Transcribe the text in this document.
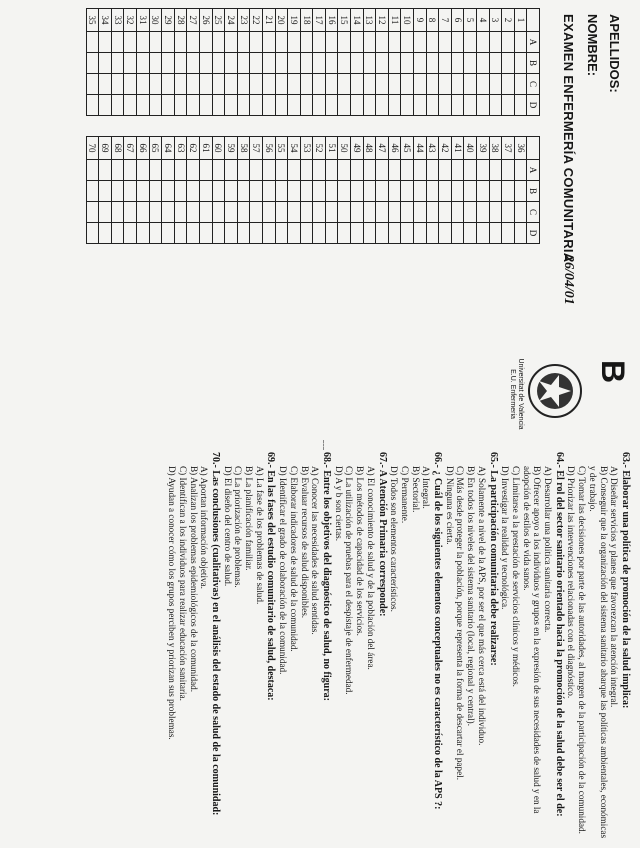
APELLIDOS:
NOMBRE:
EXAMEN ENFERMERÍA COMUNITARIA
26/04/01
B
Universitat de Valencia
E.U. Enfermeria
	A	B	C	D			A	B	C	D
1						36				
2						37				
3						38				
4						39				
5						40				
6						41				
7						42				
8						43				
9						44				
10						45				
11						46				
12						47				
13						48				
14						49				
15						50				
16						51				
17						52				
18						53				
19						54				
20						55				
21						56				
22						57				
23						58				
24						59				
25						60				
26						61				
27						62				
28						63				
29						64				
30						65				
31						66				
32						67				
33						68				
34						69				
35						70				
63.- Elaborar una política de promoción de la salud implica:
A) Diseñar servicios y planes que favorezcan la atención integral.
B) Conseguir que la organización del sistema sanitario abarque las políticas ambientales, económicas y de trabajo.
C) Tomar las decisiones por parte de las autoridades, al margen de la participación de la comunidad.
D) Priorizar las intervenciones relacionadas con el diagnóstico.
64.- El rol del sector sanitario orientado hacia la promoción de la salud debe ser el de:
A) Desarrollar una política sanitaria correcta.
B) Ofrecer apoyo a los individuos y grupos en la expresión de sus necesidades de salud y en la adopción de estilos de vida sanos.
C) Limitarse a la prestación de servicios clínicos y médicos.
D) Investigar la realidad y tecnológica.
65.- La participación comunitaria debe realizarse:
A) Solamente a nivel de la APS, por ser el que más cerca está del individuo.
B) En todos los niveles del sistema sanitario (local, regional y central).
C) Más desde proteger la población, porque representa la forma de descartar el papel.
D) Ninguna es cierta.
66.- ¿ Cuál de los siguientes elementos conceptuales no es característico de la APS ?:
A) Integral.
B) Sectorial.
C) Permanente.
D) Todos son elementos característicos.
67.- A Atención Primaria corresponde:
A) El conocimiento de salud y de la población del área.
B) Los métodos de capacidad de los servicios.
C) La utilización de pruebas para el despistaje de enfermedad.
D) A y b son ciertas.
68.- Entre los objetivos del diagnóstico de salud, no figura:
A) Conocer las necesidades de salud sentidas.
B) Evaluar recursos de salud disponibles.
C) Elaborar indicadores de salud de la comunidad.
D) Identificar el grado de colaboración de la comunidad.
69.- En las fases del estudio comunitario de salud, destaca:
A) La fase de los problemas de salud.
B) La planificación familiar.
C) La priorización de problemas.
D) El diseño del centro de salud.
70.- Las conclusiones (cualitativas) en el análisis del estado de salud de la comunidad:
A) Aportan información objetiva.
B) Analizan los problemas epidemiológicos de la comunidad.
C) Identifican a los individuos para realizar educación sanitaria.
D) Ayudan a conocer cómo los grupos perciben y priorizan sus problemas.
